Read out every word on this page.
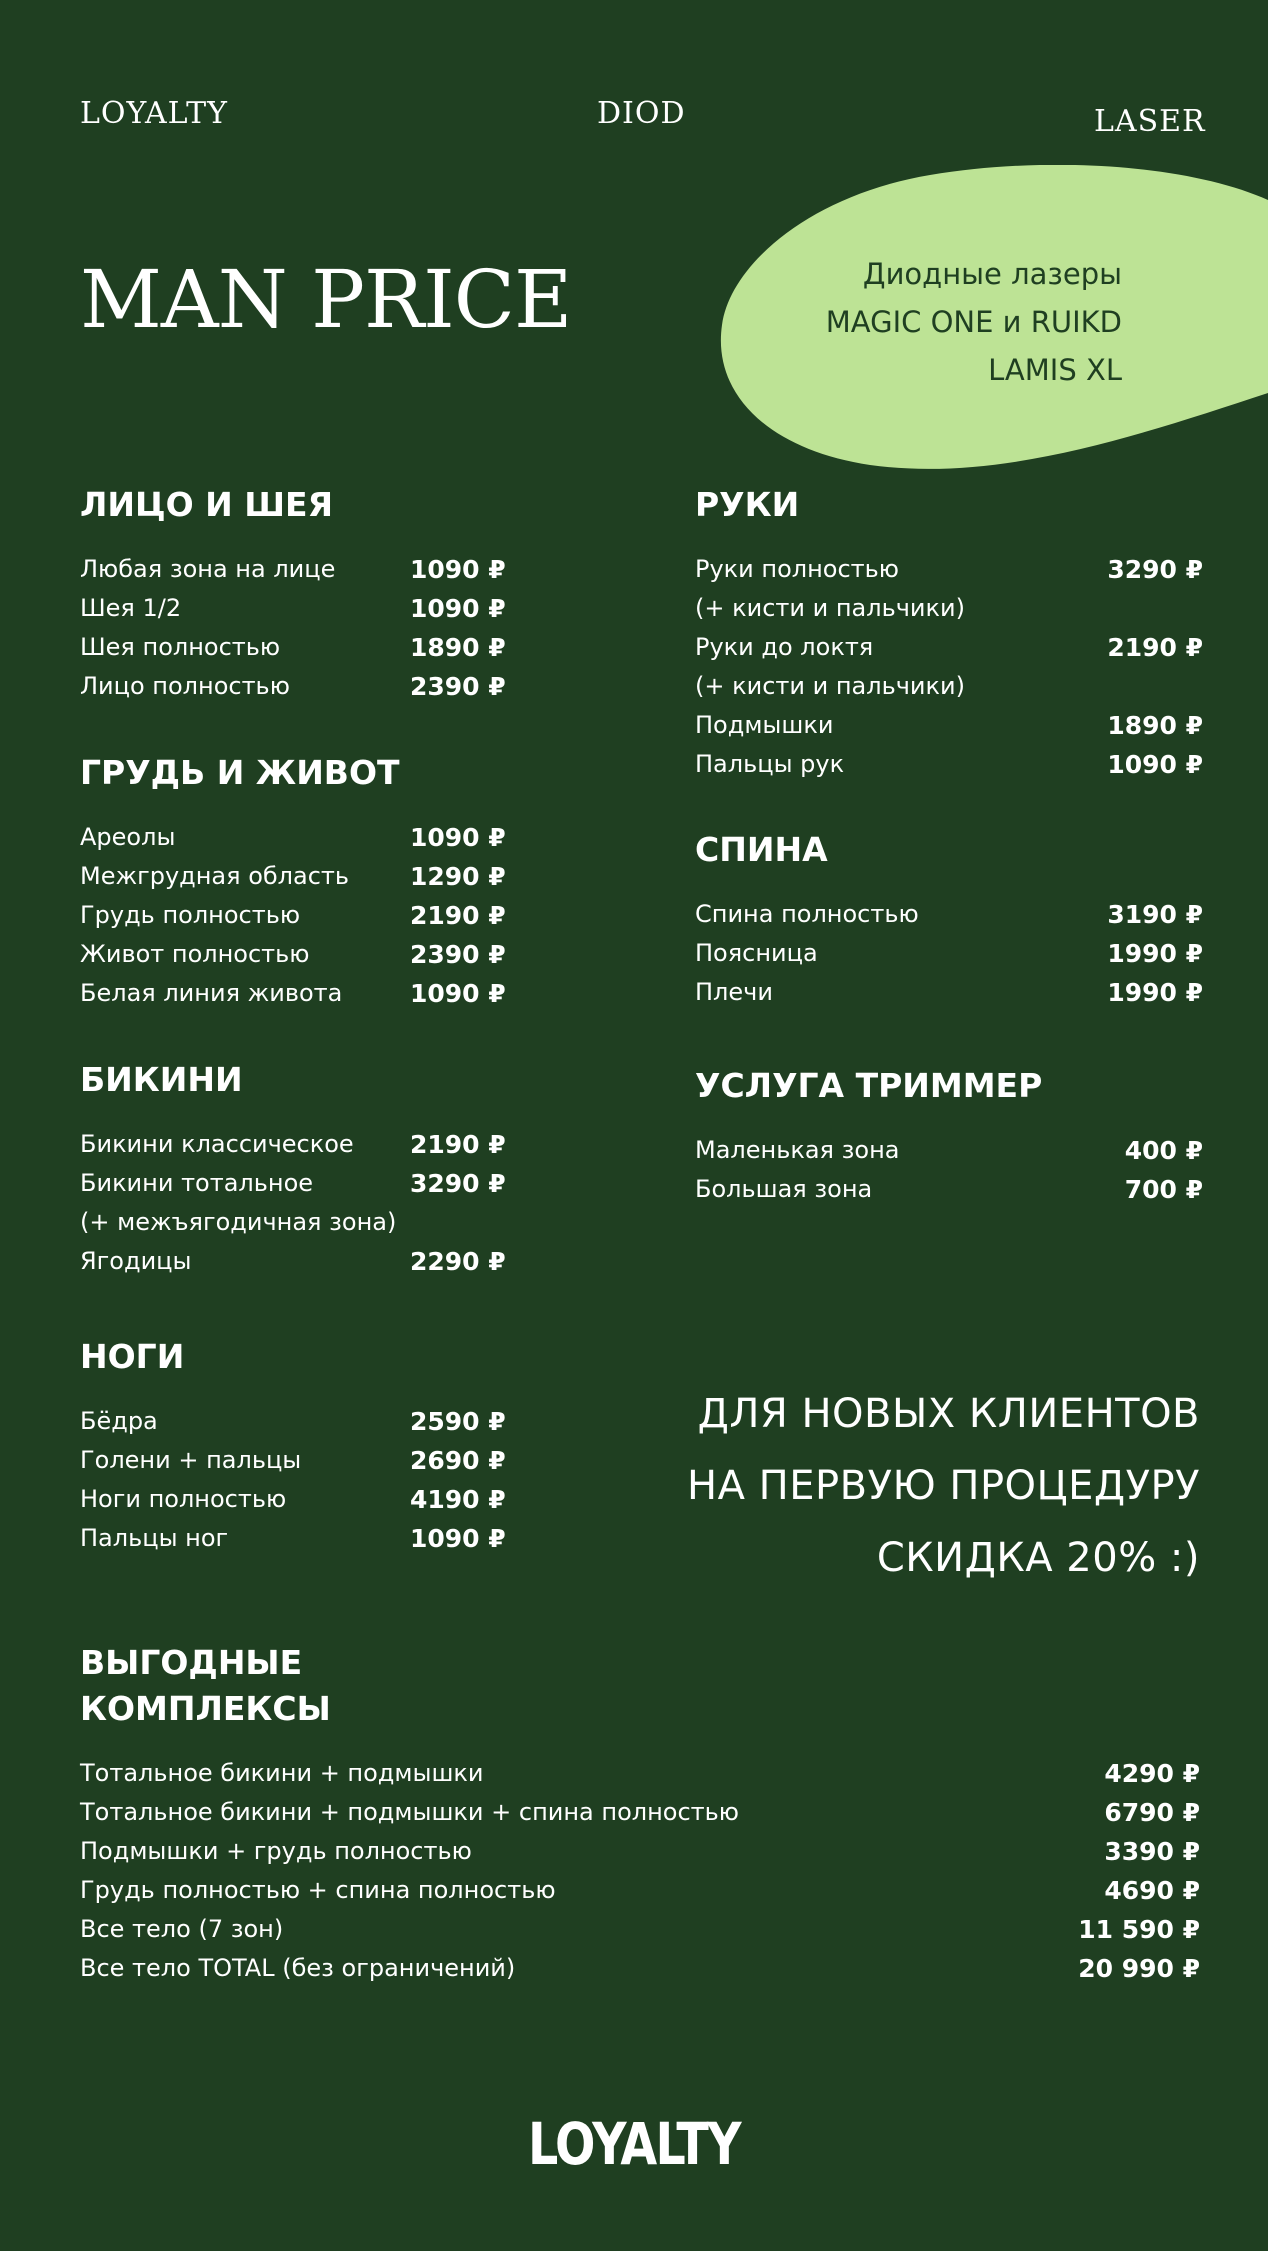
LOYALTY	DIOD	LASER
MAN PRICE	Диодные лазеры
MAGIC ONE и RUIKD
LAMIS XL
ЛИЦО И ШЕЯ
Любая зона на лице	1090 ₽
Шея 1/2	1090 ₽
Шея полностью	1890 ₽
Лицо полностью	2390 ₽
ГРУДЬ И ЖИВОТ
Ареолы	1090 ₽
Межгрудная область 1290 ₽
Грудь полностью	2190 ₽
Живот полностью	2390 ₽
Белая линия живота	1090 ₽
БИКИНИ
Бикини классическое 2190 ₽
Бикини тотальное	3290 ₽
(+ межъягодичная зона)
Ягодицы	2290 ₽
НОГИ
Бёдра	2590 ₽
Голени + пальцы	2690 ₽
Ноги полностью	4190 ₽
Пальцы ног	1090 ₽
РУКИ
Руки полностью	3290 ₽
(+ кисти и пальчики)
Руки до локтя	2190 ₽
(+ кисти и пальчики)
Подмышки	1890 ₽
Пальцы рук	1090 ₽
СПИНА
Спина полностью	3190 ₽
Поясница	1990 ₽
Плечи	1990 ₽
УСЛУГА ТРИММЕР
Маленькая зона	400 ₽
Большая зона	700 ₽
ДЛЯ НОВЫХ КЛИЕНТОВ
НА ПЕРВУЮ ПРОЦЕДУРУ
СКИДКА 20% :)
ВЫГОДНЫЕ
КОМПЛЕКСЫ
Тотальное бикини + подмышки	4290 ₽
Тотальное бикини + подмышки + спина полностью	6790 ₽
Подмышки + грудь полностью	3390 ₽
Грудь полностью + спина полностью	4690 ₽
Все тело (7 зон)	11 590 ₽
Все тело TOTAL (без ограничений)	20 990 ₽
LOYALTY
